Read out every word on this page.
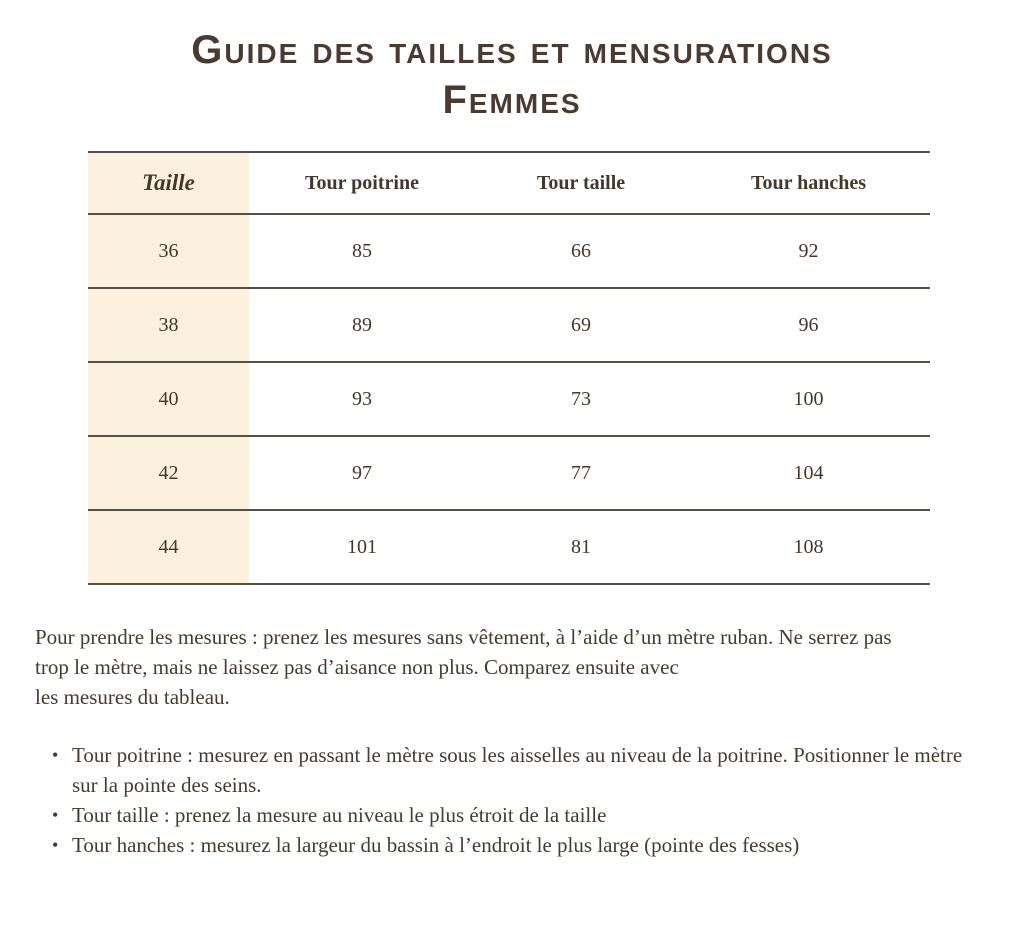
Guide des tailles et mensurations
Femmes
Taille	Tour poitrine	Tour taille	Tour hanches
36	85	66	92
38	89	69	96
40	93	73	100
42	97	77	104
44	101	81	108
Pour prendre les mesures : prenez les mesures sans vêtement, à l’aide d’un mètre ruban. Ne serrez pas
trop le mètre, mais ne laissez pas d’aisance non plus. Comparez ensuite avec
les mesures du tableau.
• Tour poitrine : mesurez en passant le mètre sous les aisselles au niveau de la poitrine. Positionner le mètre sur la pointe des seins.
• Tour taille : prenez la mesure au niveau le plus étroit de la taille
• Tour hanches : mesurez la largeur du bassin à l’endroit le plus large (pointe des fesses)
